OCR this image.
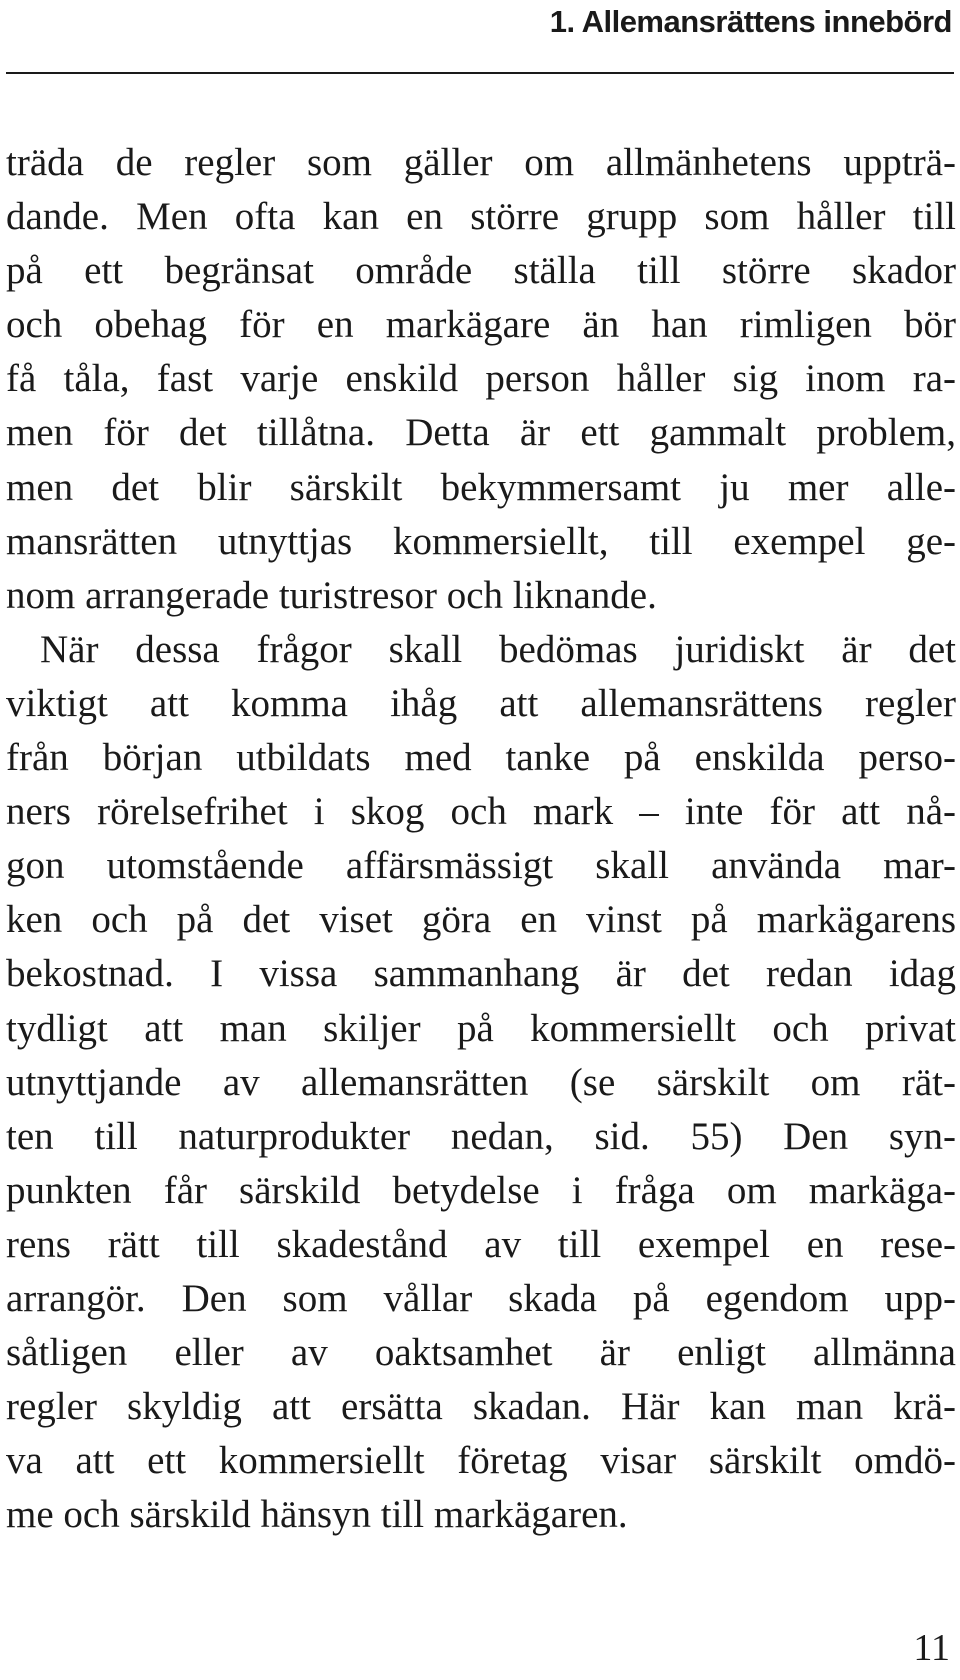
1. Allemansrättens innebörd
träda de regler som gäller om allmänhetens uppträ-
dande. Men ofta kan en större grupp som håller till
på ett begränsat område ställa till större skador
och obehag för en markägare än han rimligen bör
få tåla, fast varje enskild person håller sig inom ra-
men för det tillåtna. Detta är ett gammalt problem,
men det blir särskilt bekymmersamt ju mer alle-
mansrätten utnyttjas kommersiellt, till exempel ge-
nom arrangerade turistresor och liknande.
När dessa frågor skall bedömas juridiskt är det
viktigt att komma ihåg att allemansrättens regler
från början utbildats med tanke på enskilda perso-
ners rörelsefrihet i skog och mark – inte för att nå-
gon utomstående affärsmässigt skall använda mar-
ken och på det viset göra en vinst på markägarens
bekostnad. I vissa sammanhang är det redan idag
tydligt att man skiljer på kommersiellt och privat
utnyttjande av allemansrätten (se särskilt om rät-
ten till naturprodukter nedan, sid. 55) Den syn-
punkten får särskild betydelse i fråga om markäga-
rens rätt till skadestånd av till exempel en rese-
arrangör. Den som vållar skada på egendom upp-
såtligen eller av oaktsamhet är enligt allmänna
regler skyldig att ersätta skadan. Här kan man krä-
va att ett kommersiellt företag visar särskilt omdö-
me och särskild hänsyn till markägaren.
11
